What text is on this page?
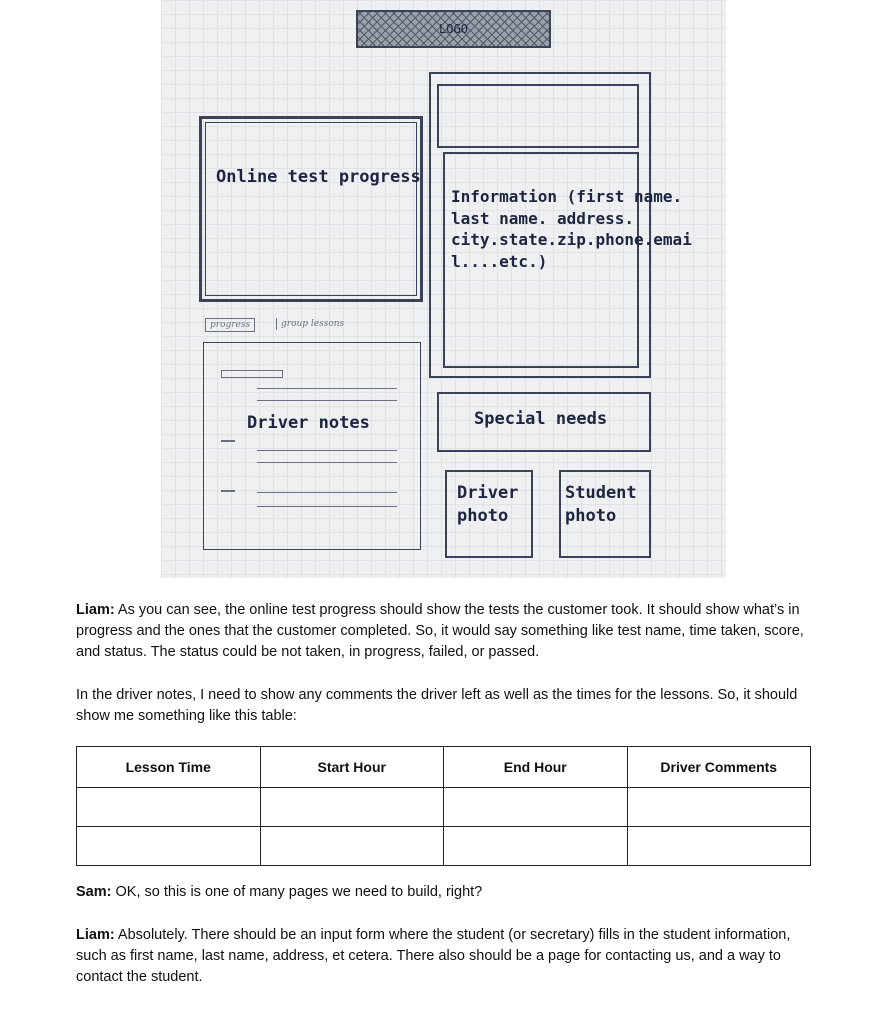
LOGO
Online test progress
Information (first name. last name. address. city.state.zip.phone.emai l....etc.)
progress	group lessons
Driver notes	Special needs
Driver photo
Student photo
Liam: As you can see, the online test progress should show the tests the customer took. It should show what’s in progress and the ones that the customer completed. So, it would say something like test name, time taken, score, and status. The status could be not taken, in progress, failed, or passed.
In the driver notes, I need to show any comments the driver left as well as the times for the lessons. So, it should show me something like this table:
Lesson Time	Start Hour	End Hour	Driver Comments

Sam: OK, so this is one of many pages we need to build, right?
Liam: Absolutely. There should be an input form where the student (or secretary) fills in the student information, such as first name, last name, address, et cetera. There also should be a page for contacting us, and a way to contact the student.
